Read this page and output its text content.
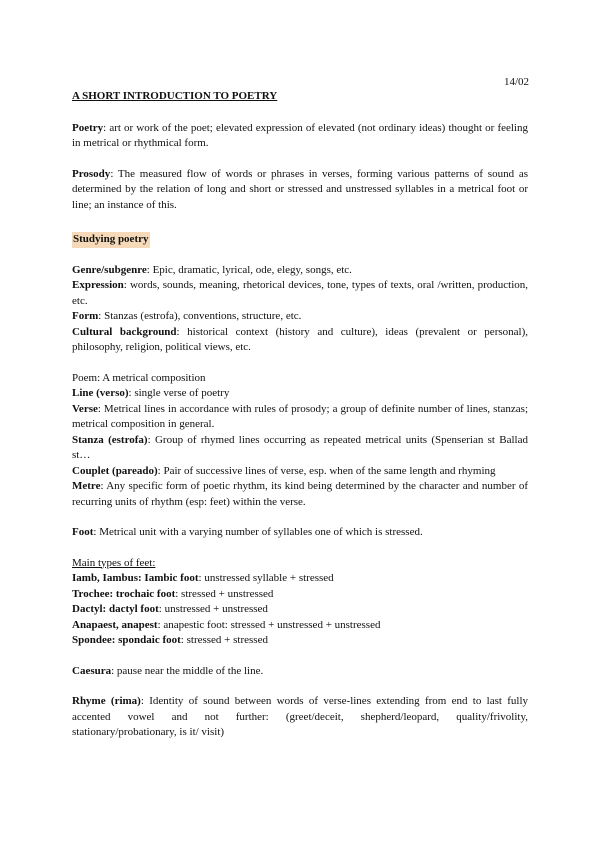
14/02

A SHORT INTRODUCTION TO POETRY

Poetry: art or work of the poet; elevated expression of elevated (not ordinary ideas) thought or feeling in metrical or rhythmical form.

Prosody: The measured flow of words or phrases in verses, forming various patterns of sound as determined by the relation of long and short or stressed and unstressed syllables in a metrical foot or line; an instance of this.

Studying poetry

Genre/subgenre: Epic, dramatic, lyrical, ode, elegy, songs, etc.

Expression: words, sounds, meaning, rhetorical devices, tone, types of texts, oral /written, production, etc.

Form: Stanzas (estrofa), conventions, structure, etc.

Cultural background: historical context (history and culture), ideas (prevalent or personal), philosophy, religion, political views, etc.

Poem: A metrical composition

Line (verso): single verse of poetry

Verse: Metrical lines in accordance with rules of prosody; a group of definite number of lines, stanzas; metrical composition in general.

Stanza (estrofa): Group of rhymed lines occurring as repeated metrical units (Spenserian st Ballad st…

Couplet (pareado): Pair of successive lines of verse, esp. when of the same length and rhyming

Metre: Any specific form of poetic rhythm, its kind being determined by the character and number of recurring units of rhythm (esp: feet) within the verse.

Foot: Metrical unit with a varying number of syllables one of which is stressed.

Main types of feet:

Iamb, Iambus: Iambic foot: unstressed syllable + stressed

Trochee: trochaic foot: stressed + unstressed

Dactyl: dactyl foot: unstressed + unstressed

Anapaest, anapest: anapestic foot: stressed + unstressed + unstressed

Spondee: spondaic foot: stressed + stressed

Caesura: pause near the middle of the line.

Rhyme (rima): Identity of sound between words of verse-lines extending from end to last fully accented vowel and not further: (greet/deceit, shepherd/leopard, quality/frivolity, stationary/probationary, is it/ visit)
